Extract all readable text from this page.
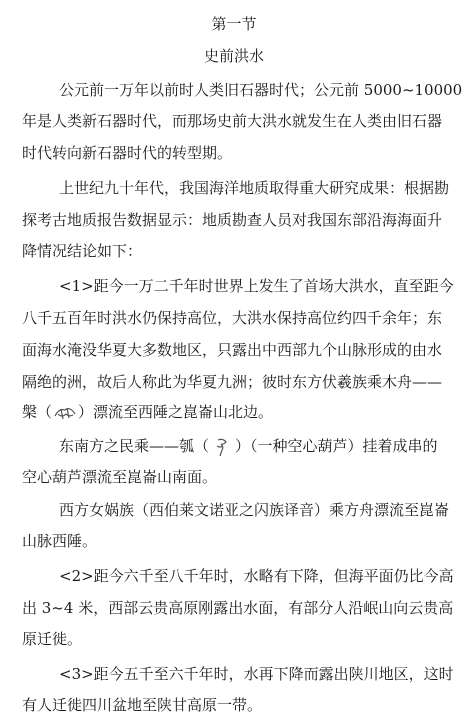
第一节
史前洪水

公元前一万年以前时人类旧石器时代；公元前 5000~10000

年是人类新石器时代，而那场史前大洪水就发生在人类由旧石器

时代转向新石器时代的转型期。

上世纪九十年代，我国海洋地质取得重大研究成果：根据勘

探考古地质报告数据显示：地质勘查人员对我国东部沿海海面升

降情况结论如下：

<1>距今一万二千年时世界上发生了首场大洪水，直至距今

八千五百年时洪水仍保持高位，大洪水保持高位约四千余年；东

面海水淹没华夏大多数地区，只露出中西部九个山脉形成的由水

隔绝的洲，故后人称此为华夏九洲；彼时东方伏羲族乘木舟——

槃（ ）漂流至西陲之崑崙山北边。

东南方之民乘——瓠（ ）（一种空心葫芦）挂着成串的

空心葫芦漂流至崑崙山南面。

西方女娲族（西伯莱文诺亚之闪族译音）乘方舟漂流至崑崙

山脉西陲。

<2>距今六千至八千年时，水略有下降，但海平面仍比今高

出 3~4 米，西部云贵高原刚露出水面，有部分人沿岷山向云贵高

原迁徙。

<3>距今五千至六千年时，水再下降而露出陕川地区，这时

有人迁徙四川盆地至陕甘高原一带。
